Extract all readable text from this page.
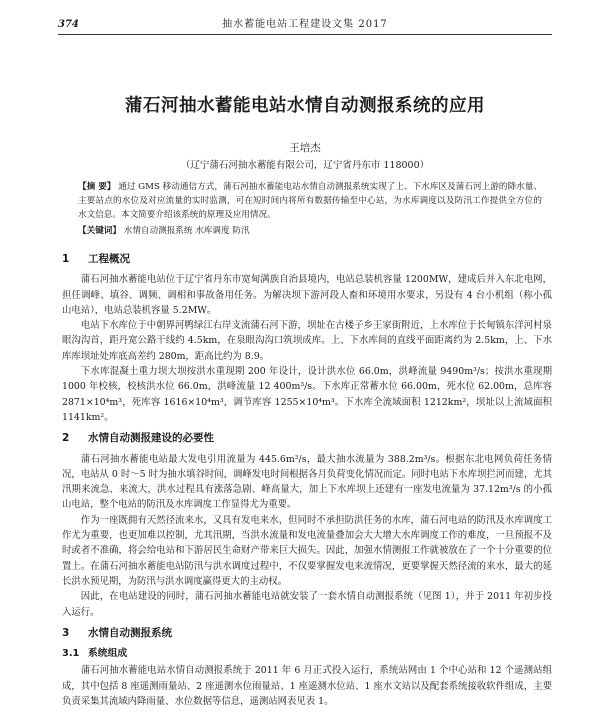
374	抽水蓄能电站工程建设文集 2017
蒲石河抽水蓄能电站水情自动测报系统的应用
王培杰
（辽宁蒲石河抽水蓄能有限公司，辽宁省丹东市 118000）
【摘 要】 通过 GMS 移动通信方式，蒲石河抽水蓄能电站水情自动测报系统实现了上、下水库区及蒲石河上游的降水量、主要站点的水位及对应流量的实时监测，可在短时间内将所有数据传输至中心站，为水库调度以及防汛工作提供全方位的水文信息。本文简要介绍该系统的原理及应用情况。
【关键词】 水情自动测报系统 水库调度 防汛
1 工程概况

蒲石河抽水蓄能电站位于辽宁省丹东市宽甸满族自治县境内，电站总装机容量 1200MW，建成后并入东北电网，担任调峰、填谷、调频、调相和事故备用任务。为解决坝下游河段人畜和环境用水要求，另设有 4 台小机组（称小孤山电站），电站总装机容量 5.2MW。

电站下水库位于中朝界河鸭绿江右岸支流蒲石河下游，坝址在古楼子乡王家街附近，上水库位于长甸镇东洋河村泉眼沟沟首，距丹宽公路干线约 4.5km，在泉眼沟沟口筑坝成库。上、下水库间的直线平面距离约为 2.5km，上、下水库库坝址处库底高差约 280m，距高比约为 8.9。

下水库混凝土重力坝大坝按洪水重现期 200 年设计，设计洪水位 66.0m，洪峰流量 9490m³/s；按洪水重现期 1000 年校核，校核洪水位 66.0m，洪峰流量 12 400m³/s。下水库正常蓄水位 66.00m，死水位 62.00m，总库容 2871×10⁴m³，死库容 1616×10⁴m³，调节库容 1255×10⁴m³。下水库全流域面积 1212km²，坝址以上流域面积 1141km²。

2 水情自动测报建设的必要性

蒲石河抽水蓄能电站最大发电引用流量为 445.6m³/s，最大抽水流量为 388.2m³/s。根据东北电网负荷任务情况，电站从 0 时～5 时为抽水填谷时间，调峰发电时间根据各月负荷变化情况而定。同时电站下水库坝拦河而建，尤其汛期来流急、来流大，洪水过程具有涨落急剧、峰高量大，加上下水库坝上还建有一座发电流量为 37.12m³/s 的小孤山电站，整个电站的防汛及水库调度工作显得尤为重要。

作为一座既拥有天然径流来水，又具有发电来水，但同时不承担防洪任务的水库，蒲石河电站的防汛及水库调度工作尤为重要，也更加难以控制，尤其汛期，当洪水流量和发电流量叠加会大大增大水库调度工作的难度，一旦预报不及时或者不准确，将会给电站和下游居民生命财产带来巨大损失。因此，加强水情测报工作就被放在了一个十分重要的位置上。在蒲石河抽水蓄能电站防汛与洪水调度过程中，不仅要掌握发电来流情况，更要掌握天然径流的来水，最大的延长洪水预见期，为防汛与洪水调度赢得更大的主动权。

因此，在电站建设的同时，蒲石河抽水蓄能电站就安装了一套水情自动测报系统（见图 1），并于 2011 年初步投入运行。

3 水情自动测报系统
3.1 系统组成

蒲石河抽水蓄能电站水情自动测报系统于 2011 年 6 月正式投入运行，系统站网由 1 个中心站和 12 个遥测站组成，其中包括 8 座遥测雨量站、2 座遥测水位雨量站、1 座遥测水位站、1 座水文站以及配套系统接收软件组成，主要负责采集其流域内降雨量、水位数据等信息，遥测站网表见表 1。
